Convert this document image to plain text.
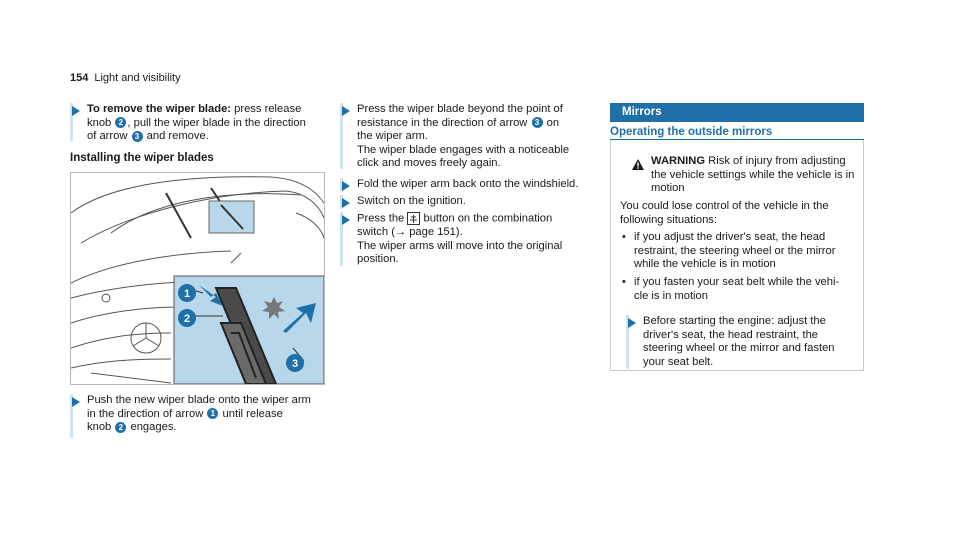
154 Light and visibility

To remove the wiper blade: press release

knob 2 , pull the wiper blade in the direction

of arrow 3 and remove.

Installing the wiper blades
1
2
3

Push the new wiper blade onto the wiper arm

in the direction of arrow 1 until release

knob 2 engages.

Press the wiper blade beyond the point of

resistance in the direction of arrow 3 on

the wiper arm.

The wiper blade engages with a noticeable

click and moves freely again.

Fold the wiper arm back onto the windshield.

Switch on the ignition.

Press the
button on the combination

switch (→ page 151).

The wiper arms will move into the original

position.

Mirrors
Operating the outside mirrors

WARNING Risk of injury from adjusting

the vehicle settings while the vehicle is in

motion

You could lose control of the vehicle in the

following situations:

• if you adjust the driver's seat, the head

restraint, the steering wheel or the mirror

while the vehicle is in motion

• if you fasten your seat belt while the vehi-

cle is in motion

Before starting the engine: adjust the

driver's seat, the head restraint, the

steering wheel or the mirror and fasten

your seat belt.
